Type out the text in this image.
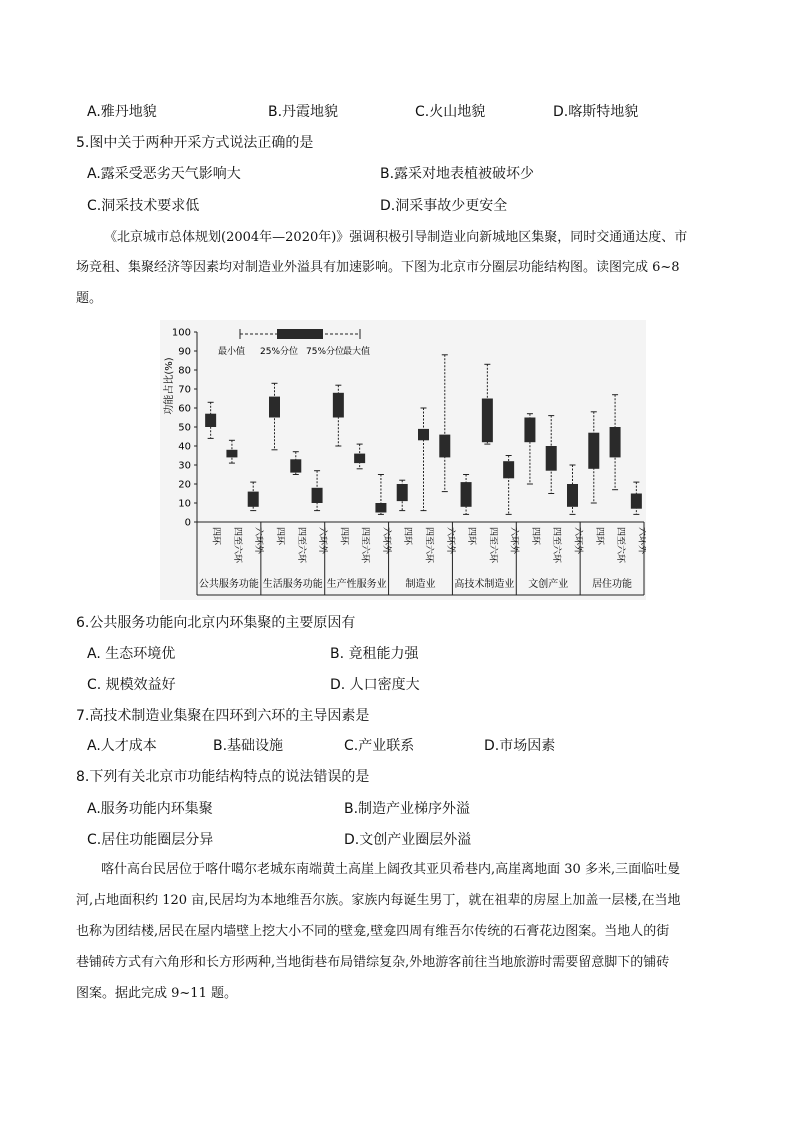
A.雅丹地貌	B.丹霞地貌	C.火山地貌	D.喀斯特地貌
5.图中关于两种开采方式说法正确的是
A.露采受恶劣天气影响大	B.露采对地表植被破坏少
C.洞采技术要求低	D.洞采事故少更安全
《北京城市总体规划(2004年—2020年)》强调积极引导制造业向新城地区集聚，同时交通通达度、市
场竞租、集聚经济等因素均对制造业外溢具有加速影响。下图为北京市分圈层功能结构图。读图完成 6~8
题。
功能占比(%)
0
10
20
30
40
50
60
70
80
90
100
最小值 25%分位 75%分位
最大值
公共服务功能
四环 四至六环 六环外
生活服务功能
四环 四至六环 六环外
生产性服务业
四环 四至六环 六环外
制造业
四环 四至六环 六环外
高技术制造业
四环 四至六环 六环外
文创产业
四环 四至六环 六环外
居住功能
四环 四至六环 六环外
6.公共服务功能向北京内环集聚的主要原因有
A. 生态环境优	B. 竟租能力强
C. 规模效益好	D. 人口密度大
7.高技术制造业集聚在四环到六环的主导因素是
A.人才成本	B.基础设施	C.产业联系	D.市场因素
8.下列有关北京市功能结构特点的说法错误的是
A.服务功能内环集聚	B.制造产业梯序外溢
C.居住功能圈层分异	D.文创产业圈层外溢
喀什高台民居位于喀什噶尔老城东南端黄土高崖上阔孜其亚贝希巷内,高崖离地面 30 多米,三面临吐曼
河,占地面积约 120 亩,民居均为本地维吾尔族。家族内每诞生男丁，就在祖辈的房屋上加盖一层楼,在当地
也称为团结楼,居民在屋内墙壁上挖大小不同的壁龛,壁龛四周有维吾尔传统的石膏花边图案。当地人的街
巷铺砖方式有六角形和长方形两种,当地街巷布局错综复杂,外地游客前往当地旅游时需要留意脚下的铺砖
图案。据此完成 9~11 题。
